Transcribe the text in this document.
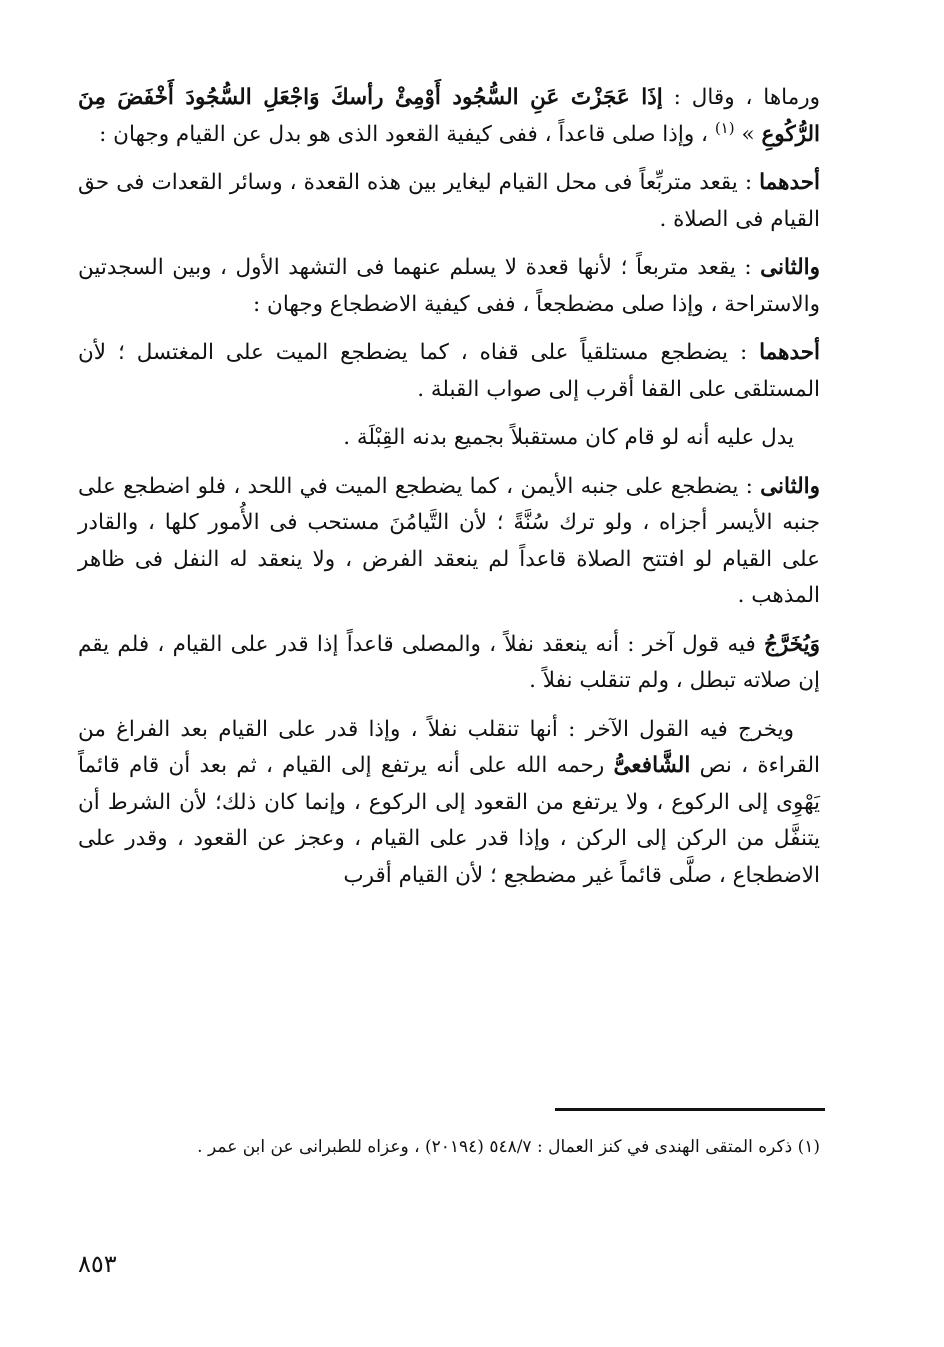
ورماها ، وقال : إذَا عَجَزْتَ عَنِ السُّجُود أَوْمِئْ رأسكَ وَاجْعَلِ السُّجُودَ أَخْفَضَ مِنَ الرُّكُوعِ » $^{(١)}$ ، وإذا صلى قاعداً ، ففى كيفية القعود الذى هو بدل عن القيام وجهان :

أحدهما : يقعد متربِّعاً فى محل القيام ليغاير بين هذه القعدة ، وسائر القعدات فى حق القيام فى الصلاة .

والثانى : يقعد متربعاً ؛ لأنها قعدة لا يسلم عنهما فى التشهد الأول ، وبين السجدتين والاستراحة ، وإذا صلى مضطجعاً ، ففى كيفية الاضطجاع وجهان :

أحدهما : يضطجع مستلقياً على قفاه ، كما يضطجع الميت على المغتسل ؛ لأن المستلقى على القفا أقرب إلى صواب القبلة .

يدل عليه أنه لو قام كان مستقبلاً بجميع بدنه القِبْلَة .

والثانى : يضطجع على جنبه الأيمن ، كما يضطجع الميت في اللحد ، فلو اضطجع على جنبه الأيسر أجزاه ، ولو ترك سُنَّةً ؛ لأن التَّيامُنَ مستحب فى الأُمور كلها ، والقادر على القيام لو افتتح الصلاة قاعداً لم ينعقد الفرض ، ولا ينعقد له النفل فى ظاهر المذهب .

وَيُخَرَّجُ فيه قول آخر : أنه ينعقد نفلاً ، والمصلى قاعداً إذا قدر على القيام ، فلم يقم إن صلاته تبطل ، ولم تنقلب نفلاً .

ويخرج فيه القول الآخر : أنها تنقلب نفلاً ، وإذا قدر على القيام بعد الفراغ من القراءة ، نص الشَّافعىُّ رحمه الله على أنه يرتفع إلى القيام ، ثم بعد أن قام قائماً يَهْوِى إلى الركوع ، ولا يرتفع من القعود إلى الركوع ، وإنما كان ذلك؛ لأن الشرط أن يتنفَّل من الركن إلى الركن ، وإذا قدر على القيام ، وعجز عن القعود ، وقدر على الاضطجاع ، صلَّى قائماً غير مضطجع ؛ لأن القيام أقرب

(١) ذكره المتقى الهندى في كنز العمال : ٥٤٨/٧ (٢٠١٩٤) ، وعزاه للطبرانى عن ابن عمر .
٨٥٣
